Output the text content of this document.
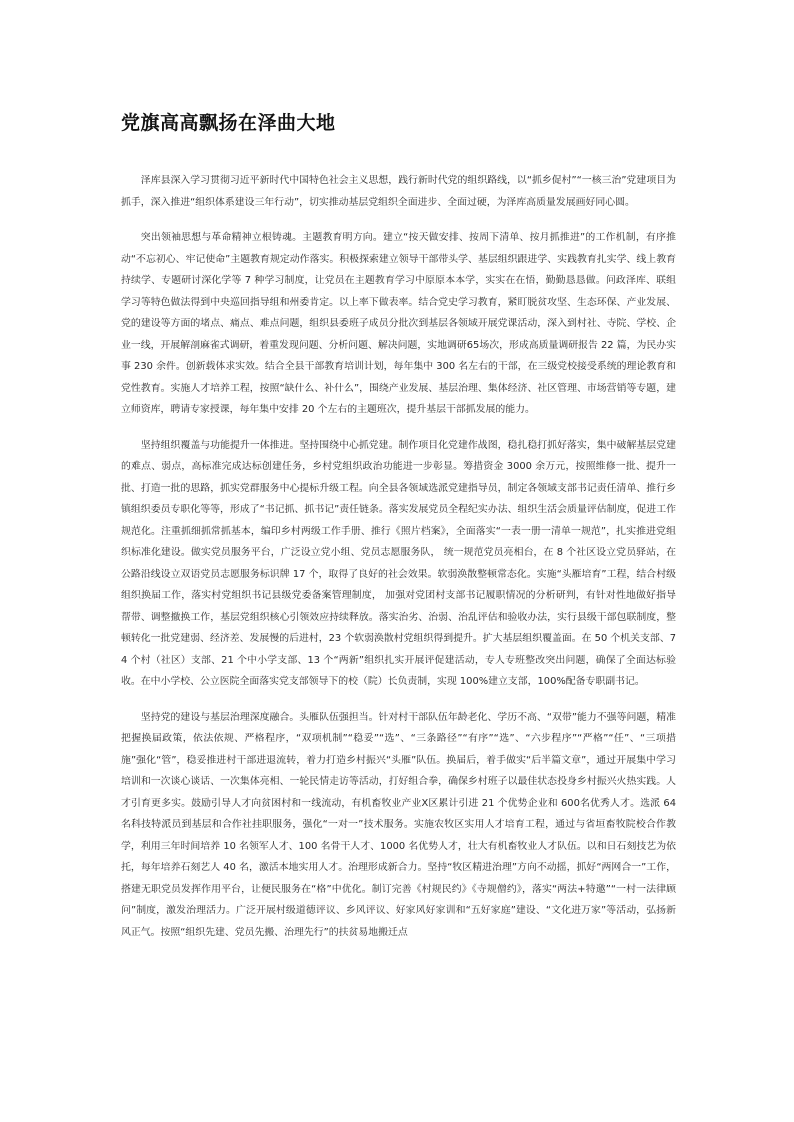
党旗高高飘扬在泽曲大地

泽库县深入学习贯彻习近平新时代中国特色社会主义思想，践行新时代党的组织路线，以“抓乡促村”“一核三治”党建项目为抓手，深入推进“组织体系建设三年行动”，切实推动基层党组织全面进步、全面过硬，为泽库高质量发展画好同心圆。

突出领袖思想与革命精神立根铸魂。主题教育明方向。建立“按天做安排、按周下清单、按月抓推进”的工作机制，有序推动“不忘初心、牢记使命”主题教育规定动作落实。积极探索建立领导干部带头学、基层组织跟进学、实践教育扎实学、线上教育持续学、专题研讨深化学等 7 种学习制度，让党员在主题教育学习中原原本本学，实实在在悟，勤勤恳恳做。问政泽库、联组学习等特色做法得到中央巡回指导组和州委肯定。以上率下做表率。结合党史学习教育，紧盯脱贫攻坚、生态环保、产业发展、党的建设等方面的堵点、痛点、难点问题，组织县委班子成员分批次到基层各领域开展党课活动，深入到村社、寺院、学校、企业一线，开展解剖麻雀式调研，着重发现问题、分析问题、解决问题，实地调研65场次，形成高质量调研报告 22 篇，为民办实事 230 余件。创新载体求实效。结合全县干部教育培训计划，每年集中 300 名左右的干部，在三级党校接受系统的理论教育和党性教育。实施人才培养工程，按照“缺什么、补什么”，围绕产业发展、基层治理、集体经济、社区管理、市场营销等专题，建立师资库，聘请专家授课，每年集中安排 20 个左右的主题班次，提升基层干部抓发展的能力。

坚持组织覆盖与功能提升一体推进。坚持围绕中心抓党建。制作项目化党建作战图，稳扎稳打抓好落实，集中破解基层党建的难点、弱点，高标准完成达标创建任务，乡村党组织政治功能进一步彰显。筹措资金 3000 余万元，按照维修一批、提升一批、打造一批的思路，抓实党群服务中心提标升级工程。向全县各领域选派党建指导员，制定各领域支部书记责任清单、推行乡镇组织委员专职化等等，形成了“书记抓、抓书记”责任链条。落实发展党员全程纪实办法、组织生活会质量评估制度，促进工作规范化。注重抓细抓常抓基本，编印乡村两级工作手册、推行《照片档案》，全面落实“一表一册一清单一规范”，扎实推进党组织标准化建设。做实党员服务平台，广泛设立党小组、党员志愿服务队， 统一规范党员亮相台，在 8 个社区设立党员驿站，在公路沿线设立双语党员志愿服务标识牌 17 个，取得了良好的社会效果。软弱涣散整顿常态化。实施“头雁培育”工程，结合村级组织换届工作，落实村党组织书记县级党委备案管理制度， 加强对党团村支部书记履职情况的分析研判，有针对性地做好指导帮带、调整撤换工作，基层党组织核心引领效应持续释放。落实治劣、治弱、治乱评估和验收办法，实行县级干部包联制度，整顿转化一批党建弱、经济差、发展慢的后进村，23 个软弱涣散村党组织得到提升。扩大基层组织覆盖面。在 50 个机关支部、74 个村（社区）支部、21 个中小学支部、13 个“两新”组织扎实开展评促建活动，专人专班整改突出问题，确保了全面达标验收。在中小学校、公立医院全面落实党支部领导下的校（院）长负责制，实现 100%建立支部，100%配备专职副书记。

坚持党的建设与基层治理深度融合。头雁队伍强担当。针对村干部队伍年龄老化、学历不高、“双带”能力不强等问题，精准把握换届政策，依法依规、严格程序，“双项机制”“稳妥”“选”、“三条路径”“有序”“选”、“六步程序”“严格”“任”、“三项措 施”强化“管”，稳妥推进村干部进退流转，着力打造乡村振兴“头雁”队伍。换届后，着手做实“后半篇文章”，通过开展集中学习培训和一次谈心谈话、一次集体亮相、一轮民情走访等活动，打好组合拳，确保乡村班子以最佳状态投身乡村振兴火热实践。人才引育更多实。鼓励引导人才向贫困村和一线流动，有机畜牧业产业X区累计引进 21 个优势企业和 600名优秀人才。选派 64 名科技特派员到基层和合作社挂职服务，强化“一对一”技术服务。实施农牧区实用人才培育工程，通过与省垣畜牧院校合作教学，利用三年时间培养 10 名领军人才、100 名骨干人才、1000 名优势人才，壮大有机畜牧业人才队伍。以和日石刻技艺为依托，每年培养石刻艺人 40 名，激活本地实用人才。治理形成新合力。坚持“牧区精进治理”方向不动摇，抓好“两网合一”工作，搭建无职党员发挥作用平台，让便民服务在“格”中优化。制订完善《村规民约》《寺规僧约》，落实“两法+特邀”“一村一法律顾问”制度，激发治理活力。广泛开展村级道德评议、乡风评议、好家风好家训和“五好家庭”建设、“文化进万家”等活动，弘扬新风正气。按照“组织先建、党员先搬、治理先行”的扶贫易地搬迁点
